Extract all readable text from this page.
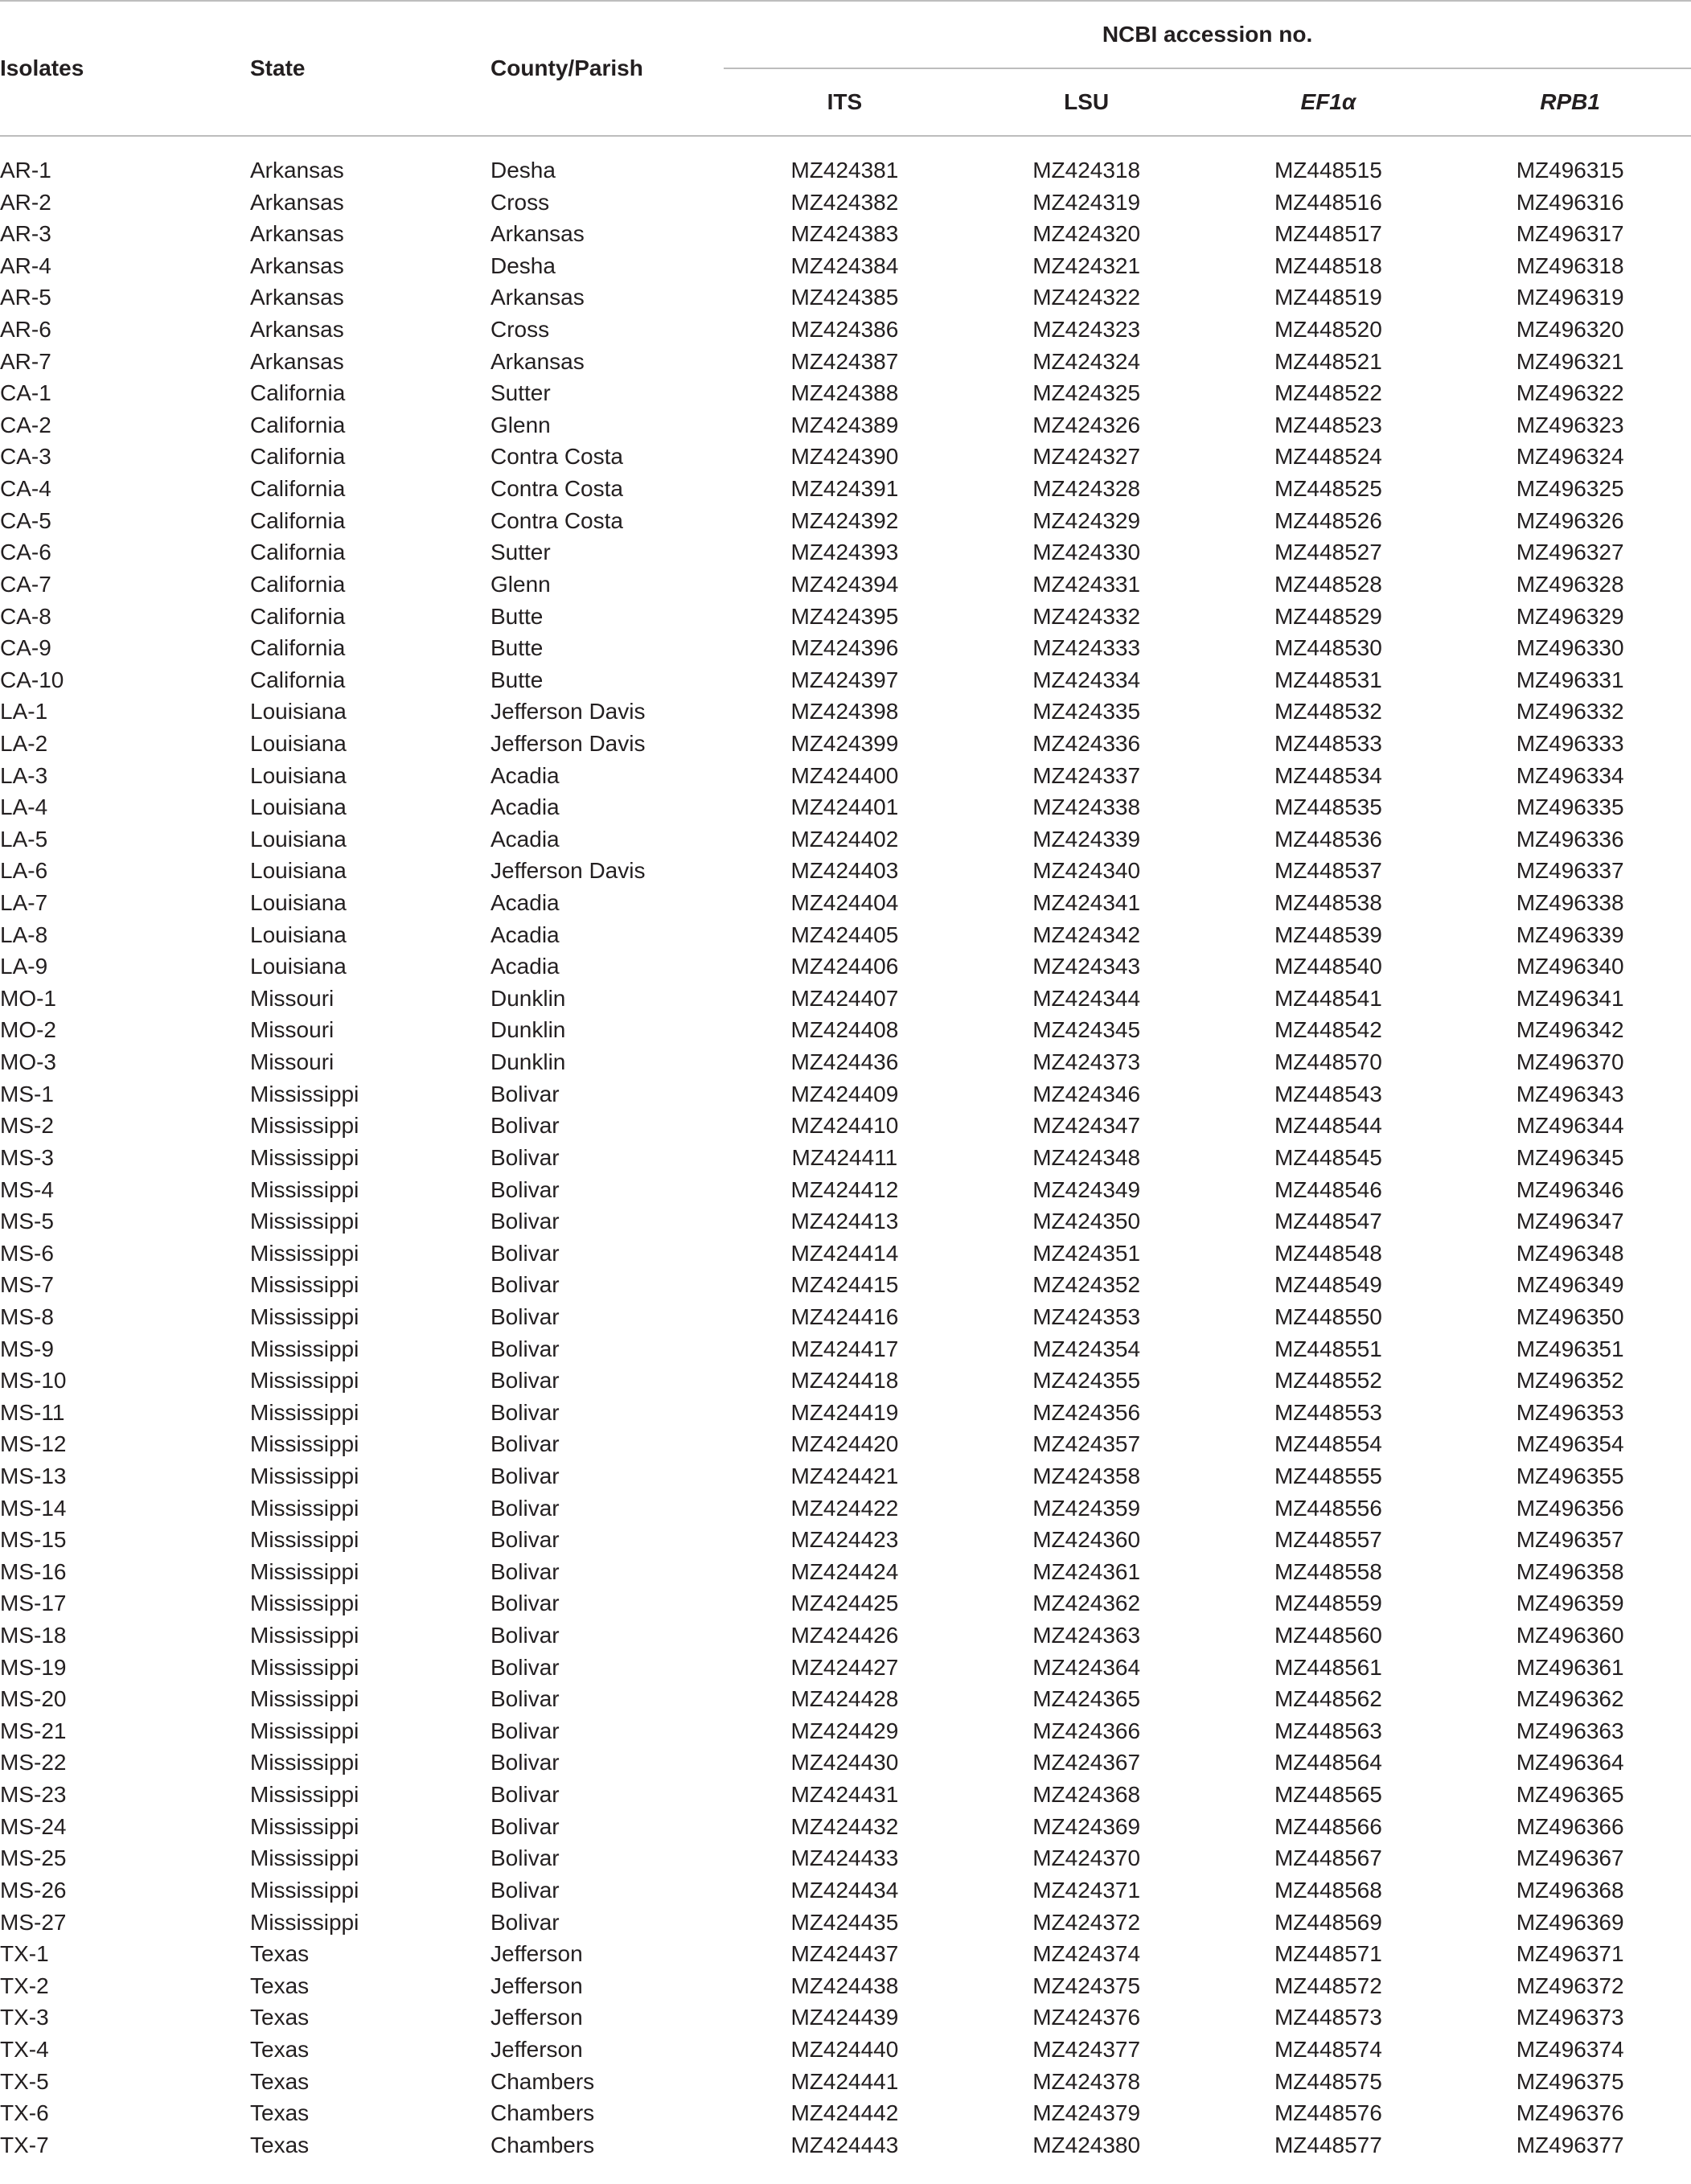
Isolates	State	County/Parish	NCBI accession no.			
			ITS	LSU	EF1α	RPB1

AR-1	Arkansas	Desha	MZ424381	MZ424318	MZ448515	MZ496315
AR-2	Arkansas	Cross	MZ424382	MZ424319	MZ448516	MZ496316
AR-3	Arkansas	Arkansas	MZ424383	MZ424320	MZ448517	MZ496317
AR-4	Arkansas	Desha	MZ424384	MZ424321	MZ448518	MZ496318
AR-5	Arkansas	Arkansas	MZ424385	MZ424322	MZ448519	MZ496319
AR-6	Arkansas	Cross	MZ424386	MZ424323	MZ448520	MZ496320
AR-7	Arkansas	Arkansas	MZ424387	MZ424324	MZ448521	MZ496321
CA-1	California	Sutter	MZ424388	MZ424325	MZ448522	MZ496322
CA-2	California	Glenn	MZ424389	MZ424326	MZ448523	MZ496323
CA-3	California	Contra Costa	MZ424390	MZ424327	MZ448524	MZ496324
CA-4	California	Contra Costa	MZ424391	MZ424328	MZ448525	MZ496325
CA-5	California	Contra Costa	MZ424392	MZ424329	MZ448526	MZ496326
CA-6	California	Sutter	MZ424393	MZ424330	MZ448527	MZ496327
CA-7	California	Glenn	MZ424394	MZ424331	MZ448528	MZ496328
CA-8	California	Butte	MZ424395	MZ424332	MZ448529	MZ496329
CA-9	California	Butte	MZ424396	MZ424333	MZ448530	MZ496330
CA-10	California	Butte	MZ424397	MZ424334	MZ448531	MZ496331
LA-1	Louisiana	Jefferson Davis	MZ424398	MZ424335	MZ448532	MZ496332
LA-2	Louisiana	Jefferson Davis	MZ424399	MZ424336	MZ448533	MZ496333
LA-3	Louisiana	Acadia	MZ424400	MZ424337	MZ448534	MZ496334
LA-4	Louisiana	Acadia	MZ424401	MZ424338	MZ448535	MZ496335
LA-5	Louisiana	Acadia	MZ424402	MZ424339	MZ448536	MZ496336
LA-6	Louisiana	Jefferson Davis	MZ424403	MZ424340	MZ448537	MZ496337
LA-7	Louisiana	Acadia	MZ424404	MZ424341	MZ448538	MZ496338
LA-8	Louisiana	Acadia	MZ424405	MZ424342	MZ448539	MZ496339
LA-9	Louisiana	Acadia	MZ424406	MZ424343	MZ448540	MZ496340
MO-1	Missouri	Dunklin	MZ424407	MZ424344	MZ448541	MZ496341
MO-2	Missouri	Dunklin	MZ424408	MZ424345	MZ448542	MZ496342
MO-3	Missouri	Dunklin	MZ424436	MZ424373	MZ448570	MZ496370
MS-1	Mississippi	Bolivar	MZ424409	MZ424346	MZ448543	MZ496343
MS-2	Mississippi	Bolivar	MZ424410	MZ424347	MZ448544	MZ496344
MS-3	Mississippi	Bolivar	MZ424411	MZ424348	MZ448545	MZ496345
MS-4	Mississippi	Bolivar	MZ424412	MZ424349	MZ448546	MZ496346
MS-5	Mississippi	Bolivar	MZ424413	MZ424350	MZ448547	MZ496347
MS-6	Mississippi	Bolivar	MZ424414	MZ424351	MZ448548	MZ496348
MS-7	Mississippi	Bolivar	MZ424415	MZ424352	MZ448549	MZ496349
MS-8	Mississippi	Bolivar	MZ424416	MZ424353	MZ448550	MZ496350
MS-9	Mississippi	Bolivar	MZ424417	MZ424354	MZ448551	MZ496351
MS-10	Mississippi	Bolivar	MZ424418	MZ424355	MZ448552	MZ496352
MS-11	Mississippi	Bolivar	MZ424419	MZ424356	MZ448553	MZ496353
MS-12	Mississippi	Bolivar	MZ424420	MZ424357	MZ448554	MZ496354
MS-13	Mississippi	Bolivar	MZ424421	MZ424358	MZ448555	MZ496355
MS-14	Mississippi	Bolivar	MZ424422	MZ424359	MZ448556	MZ496356
MS-15	Mississippi	Bolivar	MZ424423	MZ424360	MZ448557	MZ496357
MS-16	Mississippi	Bolivar	MZ424424	MZ424361	MZ448558	MZ496358
MS-17	Mississippi	Bolivar	MZ424425	MZ424362	MZ448559	MZ496359
MS-18	Mississippi	Bolivar	MZ424426	MZ424363	MZ448560	MZ496360
MS-19	Mississippi	Bolivar	MZ424427	MZ424364	MZ448561	MZ496361
MS-20	Mississippi	Bolivar	MZ424428	MZ424365	MZ448562	MZ496362
MS-21	Mississippi	Bolivar	MZ424429	MZ424366	MZ448563	MZ496363
MS-22	Mississippi	Bolivar	MZ424430	MZ424367	MZ448564	MZ496364
MS-23	Mississippi	Bolivar	MZ424431	MZ424368	MZ448565	MZ496365
MS-24	Mississippi	Bolivar	MZ424432	MZ424369	MZ448566	MZ496366
MS-25	Mississippi	Bolivar	MZ424433	MZ424370	MZ448567	MZ496367
MS-26	Mississippi	Bolivar	MZ424434	MZ424371	MZ448568	MZ496368
MS-27	Mississippi	Bolivar	MZ424435	MZ424372	MZ448569	MZ496369
TX-1	Texas	Jefferson	MZ424437	MZ424374	MZ448571	MZ496371
TX-2	Texas	Jefferson	MZ424438	MZ424375	MZ448572	MZ496372
TX-3	Texas	Jefferson	MZ424439	MZ424376	MZ448573	MZ496373
TX-4	Texas	Jefferson	MZ424440	MZ424377	MZ448574	MZ496374
TX-5	Texas	Chambers	MZ424441	MZ424378	MZ448575	MZ496375
TX-6	Texas	Chambers	MZ424442	MZ424379	MZ448576	MZ496376
TX-7	Texas	Chambers	MZ424443	MZ424380	MZ448577	MZ496377
